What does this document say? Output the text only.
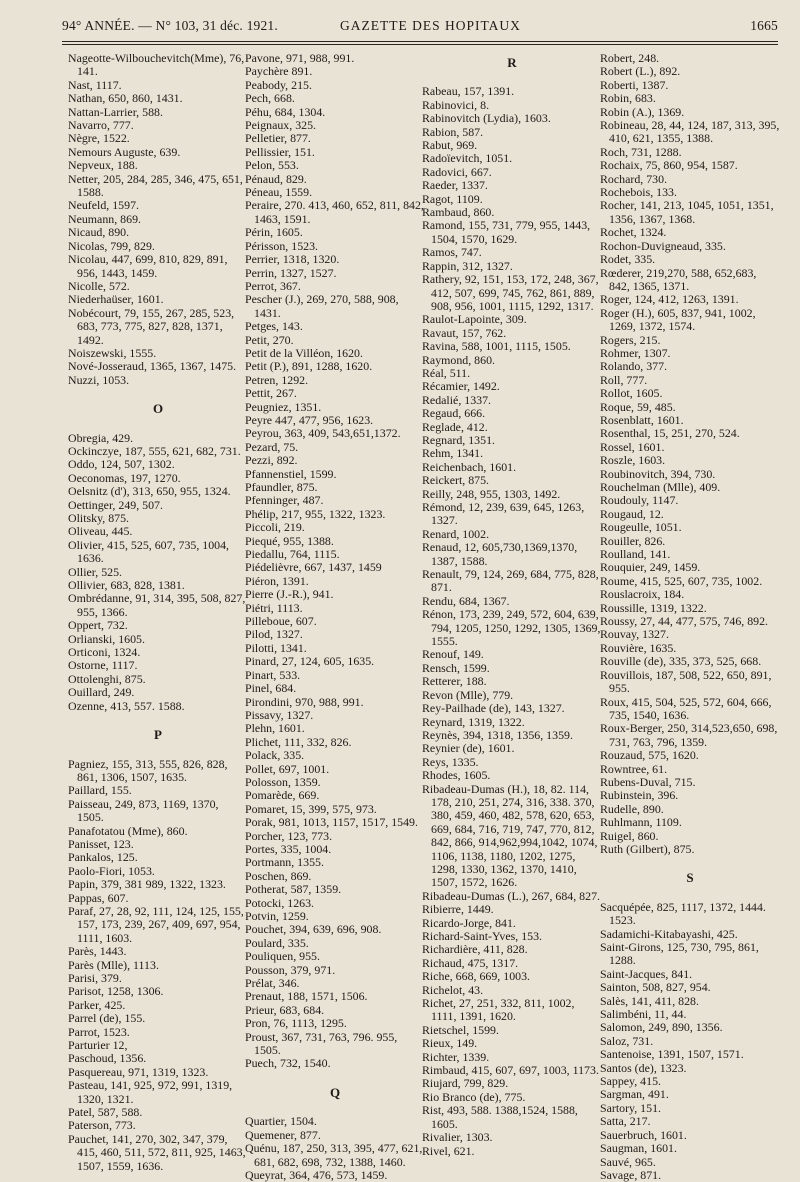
94° ANNÉE. — N° 103, 31 déc. 1921.	GAZETTE DES HOPITAUX	1665
Nageotte-Wilbouchevitch(Mme), 76, 141.
Nast, 1117.
Nathan, 650, 860, 1431.
Nattan-Larrier, 588.
Navarro, 777.
Nègre, 1522.
Nemours Auguste, 639.
Nepveux, 188.
Netter, 205, 284, 285, 346, 475, 651, 1588.
Neufeld, 1597.
Neumann, 869.
Nicaud, 890.
Nicolas, 799, 829.
Nicolau, 447, 699, 810, 829, 891, 956, 1443, 1459.
Nicolle, 572.
Niederhaüser, 1601.
Nobécourt, 79, 155, 267, 285, 523, 683, 773, 775, 827, 828, 1371, 1492.
Noiszewski, 1555.
Nové-Josseraud, 1365, 1367, 1475.
Nuzzi, 1053.
O
Obregia, 429.
Ockinczye, 187, 555, 621, 682, 731.
Oddo, 124, 507, 1302.
Oeconomas, 197, 1270.
Oelsnitz (d'), 313, 650, 955, 1324.
Oettinger, 249, 507.
Olitsky, 875.
Oliveau, 445.
Olivier, 415, 525, 607, 735, 1004, 1636.
Ollier, 525.
Ollivier, 683, 828, 1381.
Ombrédanne, 91, 314, 395, 508, 827, 955, 1366.
Oppert, 732.
Orlianski, 1605.
Orticoni, 1324.
Ostorne, 1117.
Ottolenghi, 875.
Ouillard, 249.
Ozenne, 413, 557. 1588.
P
Pagniez, 155, 313, 555, 826, 828, 861, 1306, 1507, 1635.
Paillard, 155.
Paisseau, 249, 873, 1169, 1370, 1505.
Panafotatou (Mme), 860.
Panisset, 123.
Pankalos, 125.
Paolo-Fiori, 1053.
Papin, 379, 381 989, 1322, 1323.
Pappas, 607.
Paraf, 27, 28, 92, 111, 124, 125, 155, 157, 173, 239, 267, 409, 697, 954, 1111, 1603.
Parès, 1443.
Parès (Mlle), 1113.
Parisi, 379.
Parisot, 1258, 1306.
Parker, 425.
Parrel (de), 155.
Parrot, 1523.
Parturier 12,
Paschoud, 1356.
Pasquereau, 971, 1319, 1323.
Pasteau, 141, 925, 972, 991, 1319, 1320, 1321.
Patel, 587, 588.
Paterson, 773.
Pauchet, 141, 270, 302, 347, 379, 415, 460, 511, 572, 811, 925, 1463, 1507, 1559, 1636.
Pavone, 971, 988, 991.
Paychère 891.
Peabody, 215.
Pech, 668.
Péhu, 684, 1304.
Peignaux, 325.
Pelletier, 877.
Pellissier, 151.
Pelon, 553.
Pénaud, 829.
Péneau, 1559.
Peraire, 270. 413, 460, 652, 811, 842, 1463, 1591.
Périn, 1605.
Périsson, 1523.
Perrier, 1318, 1320.
Perrin, 1327, 1527.
Perrot, 367.
Pescher (J.), 269, 270, 588, 908, 1431.
Petges, 143.
Petit, 270.
Petit de la Villéon, 1620.
Petit (P.), 891, 1288, 1620.
Petren, 1292.
Pettit, 267.
Peugniez, 1351.
Peyre 447, 477, 956, 1623.
Peyrou, 363, 409, 543,651,1372.
Pezard, 75.
Pezzi, 892.
Pfannenstiel, 1599.
Pfaundler, 875.
Pfenninger, 487.
Phélip, 217, 955, 1322, 1323.
Piccoli, 219.
Piequé, 955, 1388.
Piedallu, 764, 1115.
Piédelièvre, 667, 1437, 1459
Piéron, 1391.
Pierre (J.-R.), 941.
Piétri, 1113.
Pilleboue, 607.
Pilod, 1327.
Pilotti, 1341.
Pinard, 27, 124, 605, 1635.
Pinart, 533.
Pinel, 684.
Pirondini, 970, 988, 991.
Pissavy, 1327.
Plehn, 1601.
Plichet, 111, 332, 826.
Polack, 335.
Pollet, 697, 1001.
Polosson, 1359.
Pomarède, 669.
Pomaret, 15, 399, 575, 973.
Porak, 981, 1013, 1157, 1517, 1549.
Porcher, 123, 773.
Portes, 335, 1004.
Portmann, 1355.
Poschen, 869.
Potherat, 587, 1359.
Potocki, 1263.
Potvin, 1259.
Pouchet, 394, 639, 696, 908.
Poulard, 335.
Pouliquen, 955.
Pousson, 379, 971.
Prélat, 346.
Prenaut, 188, 1571, 1506.
Prieur, 683, 684.
Pron, 76, 1113, 1295.
Proust, 367, 731, 763, 796. 955, 1505.
Puech, 732, 1540.
Q
Quartier, 1504.
Quemener, 877.
Quénu, 187, 250, 313, 395, 477, 621, 681, 682, 698, 732, 1388, 1460.
Queyrat, 364, 476, 573, 1459.
R
Rabeau, 157, 1391.
Rabinovici, 8.
Rabinovitch (Lydia), 1603.
Rabion, 587.
Rabut, 969.
Radoïevitch, 1051.
Radovici, 667.
Raeder, 1337.
Ragot, 1109.
Rambaud, 860.
Ramond, 155, 731, 779, 955, 1443, 1504, 1570, 1629.
Ramos, 747.
Rappin, 312, 1327.
Rathery, 92, 151, 153, 172, 248, 367, 412, 507, 699, 745, 762, 861, 889, 908, 956, 1001, 1115, 1292, 1317.
Raulot-Lapointe, 309.
Ravaut, 157, 762.
Ravina, 588, 1001, 1115, 1505.
Raymond, 860.
Réal, 511.
Récamier, 1492.
Redalié, 1337.
Regaud, 666.
Reglade, 412.
Regnard, 1351.
Rehm, 1341.
Reichenbach, 1601.
Reickert, 875.
Reilly, 248, 955, 1303, 1492.
Rémond, 12, 239, 639, 645, 1263, 1327.
Renard, 1002.
Renaud, 12, 605,730,1369,1370, 1387, 1588.
Renault, 79, 124, 269, 684, 775, 828, 871.
Rendu, 684, 1367.
Rénon, 173, 239, 249, 572, 604, 639, 794, 1205, 1250, 1292, 1305, 1369, 1555.
Renouf, 149.
Rensch, 1599.
Retterer, 188.
Revon (Mlle), 779.
Rey-Pailhade (de), 143, 1327.
Reynard, 1319, 1322.
Reynès, 394, 1318, 1356, 1359.
Reynier (de), 1601.
Reys, 1335.
Rhodes, 1605.
Ribadeau-Dumas (H.), 18, 82. 114, 178, 210, 251, 274, 316, 338. 370, 380, 459, 460, 482, 578, 620, 653, 669, 684, 716, 719, 747, 770, 812, 842, 866, 914,962,994,1042, 1074, 1106, 1138, 1180, 1202, 1275, 1298, 1330, 1362, 1370, 1410, 1507, 1572, 1626.
Ribadeau-Dumas (L.), 267, 684, 827.
Ribierre, 1449.
Ricardo-Jorge, 841.
Richard-Saint-Yves, 153.
Richardière, 411, 828.
Richaud, 475, 1317.
Riche, 668, 669, 1003.
Richelot, 43.
Richet, 27, 251, 332, 811, 1002, 1111, 1391, 1620.
Rietschel, 1599.
Rieux, 149.
Richter, 1339.
Rimbaud, 415, 607, 697, 1003, 1173.
Riujard, 799, 829.
Rio Branco (de), 775.
Rist, 493, 588. 1388,1524, 1588, 1605.
Rivalier, 1303.
Rivel, 621.
Robert, 248.
Robert (L.), 892.
Roberti, 1387.
Robin, 683.
Robin (A.), 1369.
Robineau, 28, 44, 124, 187, 313, 395, 410, 621, 1355, 1388.
Roch, 731, 1288.
Rochaix, 75, 860, 954, 1587.
Rochard, 730.
Rochebois, 133.
Rocher, 141, 213, 1045, 1051, 1351, 1356, 1367, 1368.
Rochet, 1324.
Rochon-Duvigneaud, 335.
Rodet, 335.
Rœderer, 219,270, 588, 652,683, 842, 1365, 1371.
Roger, 124, 412, 1263, 1391.
Roger (H.), 605, 837, 941, 1002, 1269, 1372, 1574.
Rogers, 215.
Rohmer, 1307.
Rolando, 377.
Roll, 777.
Rollot, 1605.
Roque, 59, 485.
Rosenblatt, 1601.
Rosenthal, 15, 251, 270, 524.
Rossel, 1601.
Roszle, 1603.
Roubinovitch, 394, 730.
Rouchelman (Mlle), 409.
Roudouly, 1147.
Rougaud, 12.
Rougeulle, 1051.
Rouiller, 826.
Roulland, 141.
Rouquier, 249, 1459.
Roume, 415, 525, 607, 735, 1002.
Rouslacroix, 184.
Roussille, 1319, 1322.
Roussy, 27, 44, 477, 575, 746, 892.
Rouvay, 1327.
Rouvière, 1635.
Rouville (de), 335, 373, 525, 668.
Rouvillois, 187, 508, 522, 650, 891, 955.
Roux, 415, 504, 525, 572, 604, 666, 735, 1540, 1636.
Roux-Berger, 250, 314,523,650, 698, 731, 763, 796, 1359.
Rouzaud, 575, 1620.
Rowntree, 61.
Rubens-Duval, 715.
Rubinstein, 396.
Rudelle, 890.
Ruhlmann, 1109.
Ruigel, 860.
Ruth (Gilbert), 875.
S
Sacquépée, 825, 1117, 1372, 1444. 1523.
Sadamichi-Kitabayashi, 425.
Saint-Girons, 125, 730, 795, 861, 1288.
Saint-Jacques, 841.
Sainton, 508, 827, 954.
Salès, 141, 411, 828.
Salimbéni, 11, 44.
Salomon, 249, 890, 1356.
Saloz, 731.
Santenoise, 1391, 1507, 1571.
Santos (de), 1323.
Sappey, 415.
Sargman, 491.
Sartory, 151.
Satta, 217.
Sauerbruch, 1601.
Saugman, 1601.
Sauvé, 965.
Savage, 871.
